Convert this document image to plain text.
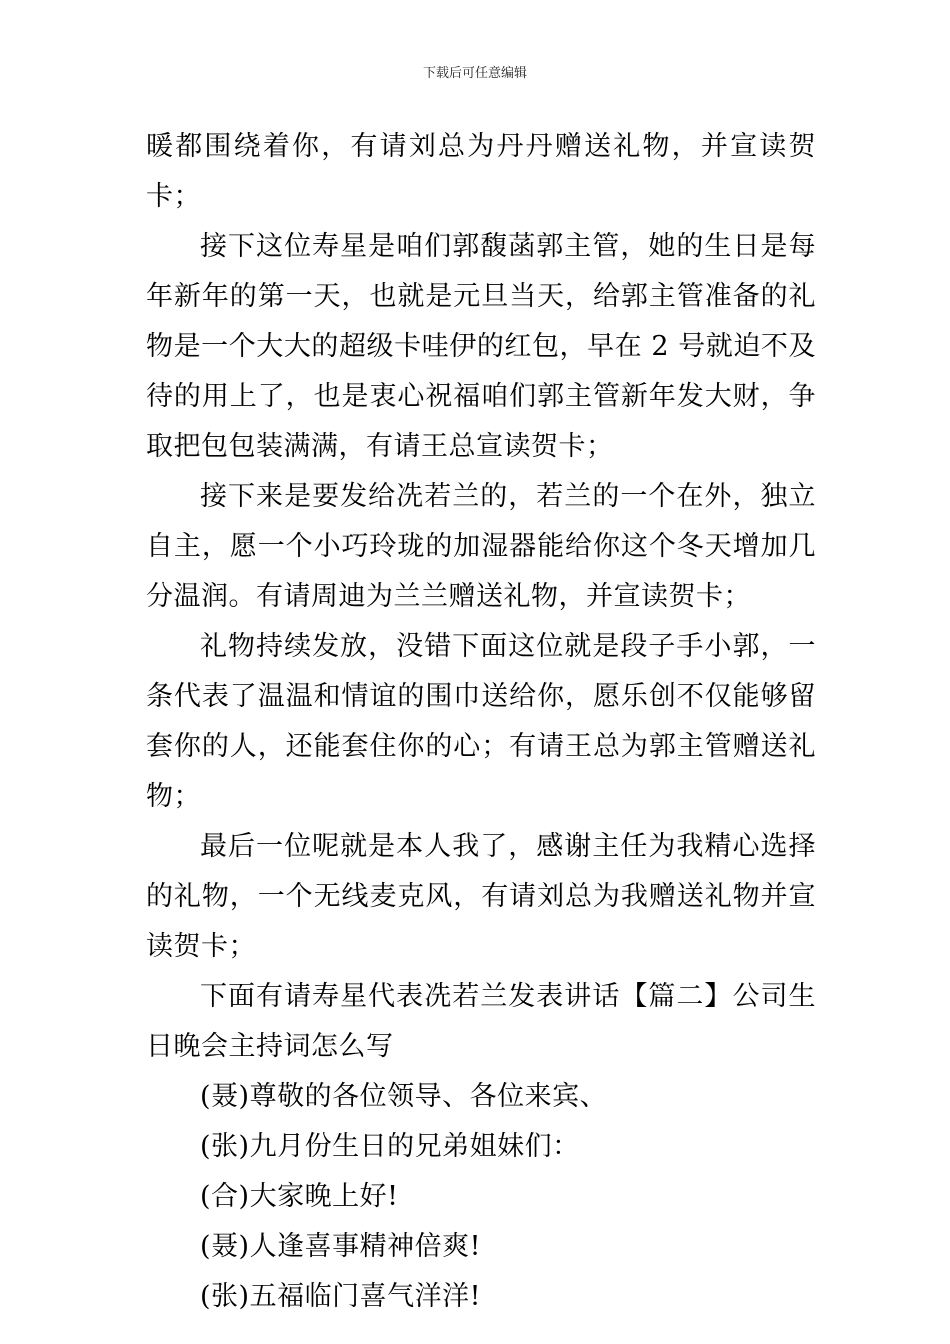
下载后可任意编辑

暖都围绕着你，有请刘总为丹丹赠送礼物，并宣读贺卡；

接下这位寿星是咱们郭馥菡郭主管，她的生日是每年新年的第一天，也就是元旦当天，给郭主管准备的礼物是一个大大的超级卡哇伊的红包，早在 2 号就迫不及待的用上了，也是衷心祝福咱们郭主管新年发大财，争取把包包装满满，有请王总宣读贺卡；

接下来是要发给冼若兰的，若兰的一个在外，独立自主，愿一个小巧玲珑的加湿器能给你这个冬天增加几分温润。有请周迪为兰兰赠送礼物，并宣读贺卡；

礼物持续发放，没错下面这位就是段子手小郭，一条代表了温温和情谊的围巾送给你，愿乐创不仅能够留套你的人，还能套住你的心；有请王总为郭主管赠送礼物；

最后一位呢就是本人我了，感谢主任为我精心选择的礼物，一个无线麦克风，有请刘总为我赠送礼物并宣读贺卡；

下面有请寿星代表冼若兰发表讲话【篇二】公司生日晚会主持词怎么写

(聂)尊敬的各位领导、各位来宾、

(张)九月份生日的兄弟姐妹们：

(合)大家晚上好!

(聂)人逢喜事精神倍爽!

(张)五福临门喜气洋洋!
